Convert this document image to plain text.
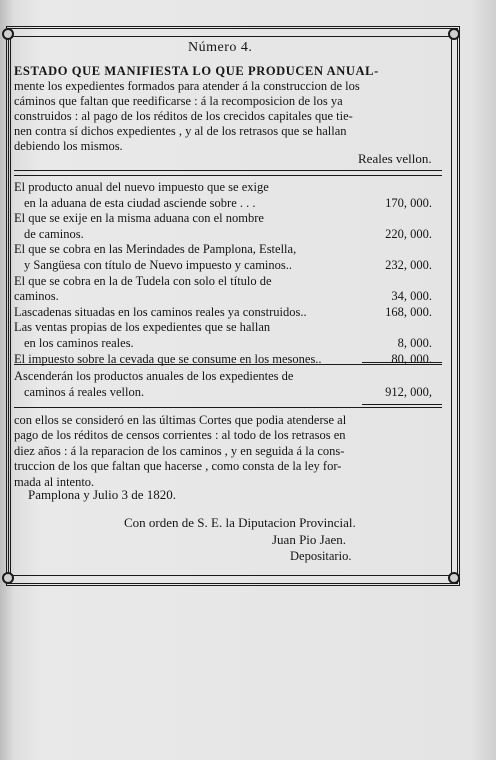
Número 4.
ESTADO QUE MANIFIESTA LO QUE PRODUCEN ANUAL-
mente los expedientes formados para atender á la construccion de los
cáminos que faltan que reedificarse : á la recomposicion de los ya
construidos : al pago de los réditos de los crecidos capitales que tie-
nen contra sí dichos expedientes , y al de los retrasos que se hallan
debiendo los mismos.
Reales vellon.
El producto anual del nuevo impuesto que se exige
en la aduana de esta ciudad asciende sobre . . .	170, 000.
El que se exije en la misma aduana con el nombre
de caminos.	220, 000.
El que se cobra en las Merindades de Pamplona, Estella,
y Sangüesa con título de Nuevo impuesto y caminos..	232, 000.
El que se cobra en la de Tudela con solo el título de
caminos.	34, 000.
Lascadenas situadas en los caminos reales ya construidos..	168, 000.
Las ventas propias de los expedientes que se hallan
en los caminos reales.	8, 000.
El impuesto sobre la cevada que se consume en los mesones..	80, 000.
Ascenderán los productos anuales de los expedientes de
caminos á reales vellon.	912, 000,
con ellos se consideró en las últimas Cortes que podia atenderse al
pago de los réditos de censos corrientes : al todo de los retrasos en
diez años : á la reparacion de los caminos , y en seguida á la cons-
truccion de los que faltan que hacerse , como consta de la ley for-
mada al intento.
Pamplona y Julio 3 de 1820.
Con orden de S. E. la Diputacion Provincial.
Juan Pio Jaen.
Depositario.
